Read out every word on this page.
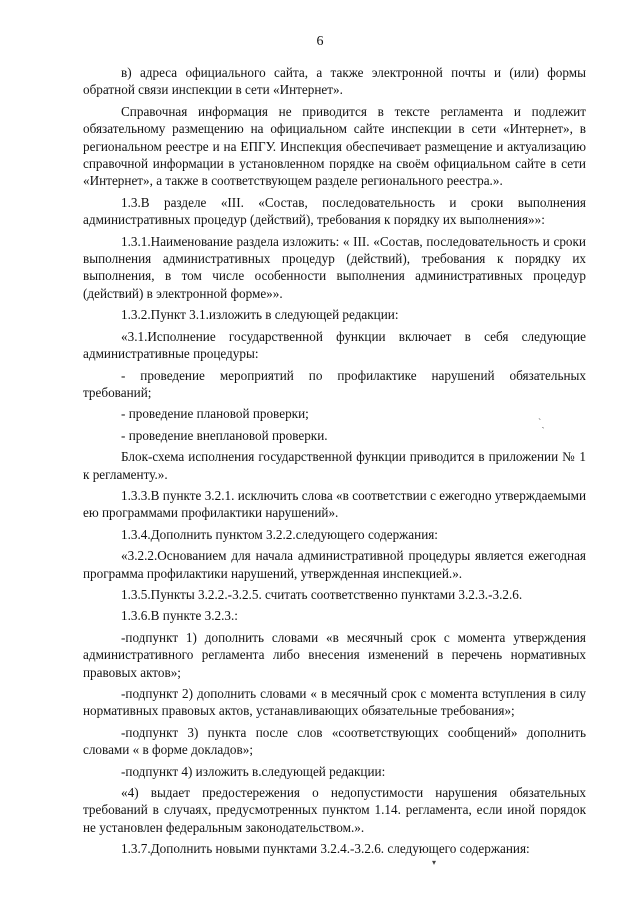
6

в) адреса официального сайта, а также электронной почты и (или) формы обратной связи инспекции в сети «Интернет».

Справочная информация не приводится в тексте регламента и подлежит обязательному размещению на официальном сайте инспекции в сети «Интернет», в региональном реестре и на ЕПГУ. Инспекция обеспечивает размещение и актуализацию справочной информации в установленном порядке на своём официальном сайте в сети «Интернет», а также в соответствующем разделе регионального реестра.».

1.3.В разделе «III. «Состав, последовательность и сроки выполнения административных процедур (действий), требования к порядку их выполнения»»:

1.3.1.Наименование раздела изложить: « III. «Состав, последовательность и сроки выполнения административных процедур (действий), требования к порядку их выполнения, в том числе особенности выполнения административных процедур (действий) в электронной форме»».

1.3.2.Пункт 3.1.изложить в следующей редакции:

«3.1.Исполнение государственной функции включает в себя следующие административные процедуры:

- проведение мероприятий по профилактике нарушений обязательных требований;

- проведение плановой проверки;

- проведение внеплановой проверки.

Блок-схема исполнения государственной функции приводится в приложении № 1 к регламенту.».

1.3.3.В пункте 3.2.1. исключить слова «в соответствии с ежегодно утверждаемыми ею программами профилактики нарушений».

1.3.4.Дополнить пунктом 3.2.2.следующего содержания:

«3.2.2.Основанием для начала административной процедуры является ежегодная программа профилактики нарушений, утвержденная инспекцией.».

1.3.5.Пункты 3.2.2.-3.2.5. считать соответственно пунктами 3.2.3.-3.2.6.

1.3.6.В пункте 3.2.3.:

-подпункт 1) дополнить словами «в месячный срок с момента утверждения административного регламента либо внесения изменений в перечень нормативных правовых актов»;

-подпункт 2) дополнить словами « в месячный срок с момента вступления в силу нормативных правовых актов, устанавливающих обязательные требования»;

-подпункт 3) пункта после слов «соответствующих сообщений» дополнить словами « в форме докладов»;

-подпункт 4) изложить в.следующей редакции:

«4) выдает предостережения о недопустимости нарушения обязательных требований в случаях, предусмотренных пунктом 1.14. регламента, если иной порядок не установлен федеральным законодательством.».

1.3.7.Дополнить новыми пунктами 3.2.4.-3.2.6. следующего содержания:

ˋˏ
▾
